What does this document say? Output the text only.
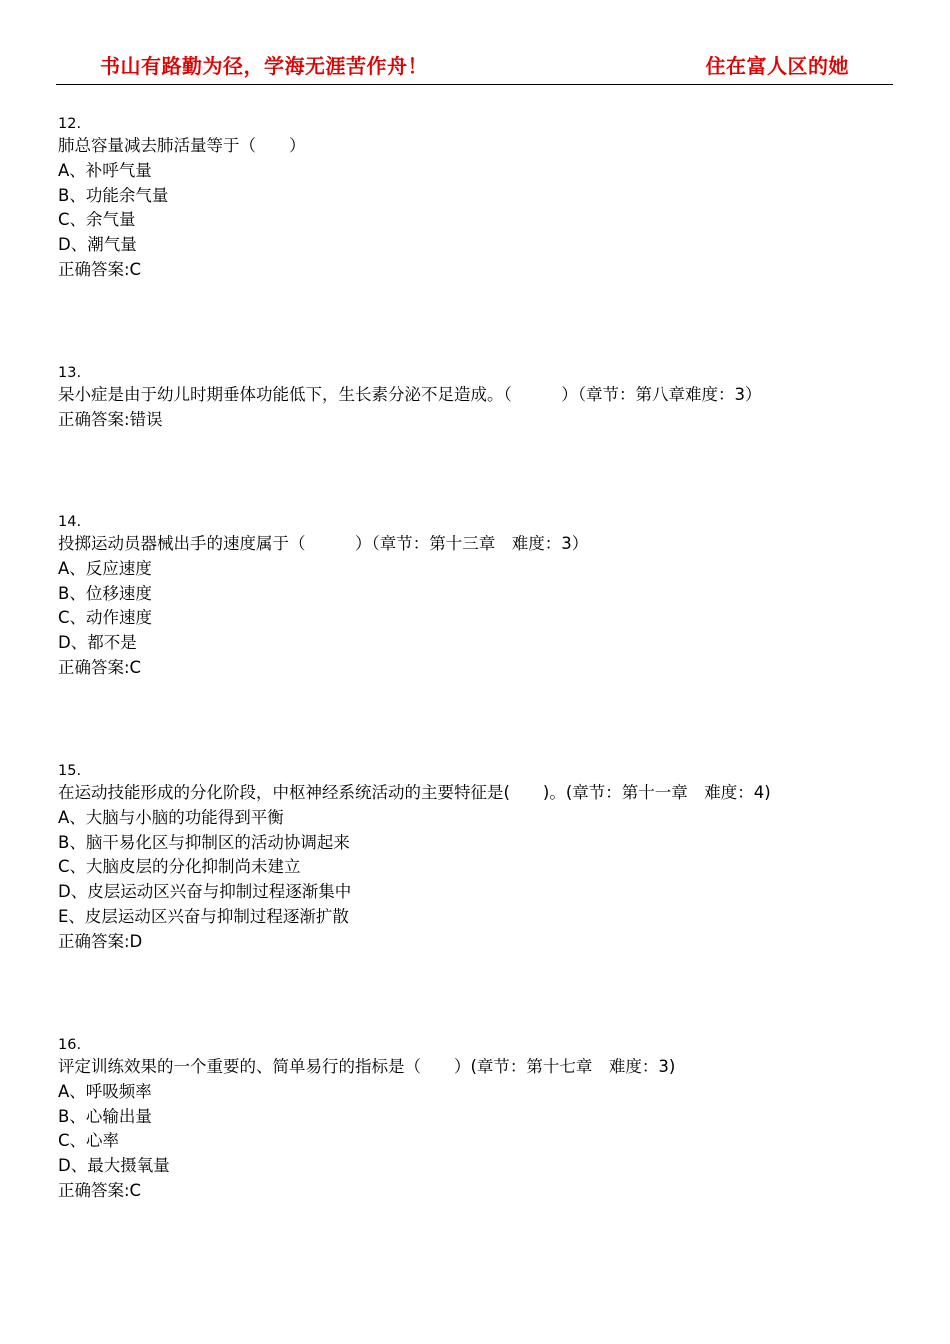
书山有路勤为径，学海无涯苦作舟！	住在富人区的她
12.
肺总容量减去肺活量等于（　　）
A、补呼气量
B、功能余气量
C、余气量
D、潮气量
正确答案:C
13.
呆小症是由于幼儿时期垂体功能低下，生长素分泌不足造成。（　　　）（章节：第八章难度：3）
正确答案:错误
14.
投掷运动员器械出手的速度属于（　　　）（章节：第十三章　难度：3）
A、反应速度
B、位移速度
C、动作速度
D、都不是
正确答案:C
15.
在运动技能形成的分化阶段，中枢神经系统活动的主要特征是(　　)。(章节：第十一章　难度：4)
A、大脑与小脑的功能得到平衡
B、脑干易化区与抑制区的活动协调起来
C、大脑皮层的分化抑制尚未建立
D、皮层运动区兴奋与抑制过程逐渐集中
E、皮层运动区兴奋与抑制过程逐渐扩散
正确答案:D
16.
评定训练效果的一个重要的、简单易行的指标是（　　）(章节：第十七章　难度：3)
A、呼吸频率
B、心输出量
C、心率
D、最大摄氧量
正确答案:C
